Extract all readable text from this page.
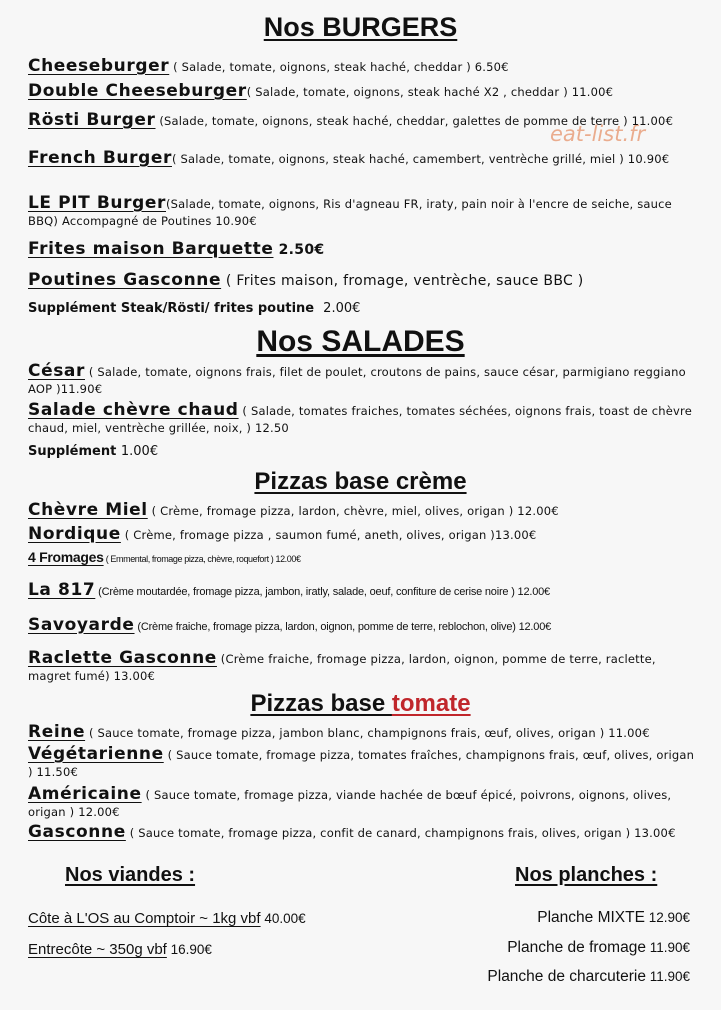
eat-list.fr
Nos BURGERS
Cheeseburger ( Salade, tomate, oignons, steak haché, cheddar ) 6.50€
Double Cheeseburger( Salade, tomate, oignons, steak haché X2 , cheddar ) 11.00€
Rösti Burger (Salade, tomate, oignons, steak haché, cheddar, galettes de pomme de terre ) 11.00€
French Burger( Salade, tomate, oignons, steak haché, camembert, ventrèche grillé, miel ) 10.90€
LE PIT Burger(Salade, tomate, oignons, Ris d'agneau FR, iraty, pain noir à l'encre de seiche, sauce BBQ) Accompagné de Poutines 10.90€
Frites maison Barquette 2.50€
Poutines Gasconne ( Frites maison, fromage, ventrèche, sauce BBC )
Supplément Steak/Rösti/ frites poutine 2.00€
Nos SALADES
César ( Salade, tomate, oignons frais, filet de poulet, croutons de pains, sauce césar, parmigiano reggiano AOP )11.90€
Salade chèvre chaud ( Salade, tomates fraiches, tomates séchées, oignons frais, toast de chèvre chaud, miel, ventrèche grillée, noix, ) 12.50
Supplément 1.00€
Pizzas base crème
Chèvre Miel ( Crème, fromage pizza, lardon, chèvre, miel, olives, origan ) 12.00€
Nordique ( Crème, fromage pizza , saumon fumé, aneth, olives, origan )13.00€
4 Fromages ( Emmental, fromage pizza, chèvre, roquefort ) 12.00€
La 817 (Crème moutardée, fromage pizza, jambon, iratly, salade, oeuf, confiture de cerise noire ) 12.00€
Savoyarde (Crème fraiche, fromage pizza, lardon, oignon, pomme de terre, reblochon, olive) 12.00€
Raclette Gasconne (Crème fraiche, fromage pizza, lardon, oignon, pomme de terre, raclette, magret fumé) 13.00€
Pizzas base tomate
Reine ( Sauce tomate, fromage pizza, jambon blanc, champignons frais, œuf, olives, origan ) 11.00€
Végétarienne ( Sauce tomate, fromage pizza, tomates fraîches, champignons frais, œuf, olives, origan ) 11.50€
Américaine ( Sauce tomate, fromage pizza, viande hachée de bœuf épicé, poivrons, oignons, olives, origan ) 12.00€
Gasconne ( Sauce tomate, fromage pizza, confit de canard, champignons frais, olives, origan ) 13.00€
Nos viandes :	Nos planches :
Côte à L'OS au Comptoir ~ 1kg vbf 40.00€
Entrecôte ~ 350g vbf 16.90€
Planche MIXTE 12.90€
Planche de fromage 11.90€
Planche de charcuterie 11.90€
